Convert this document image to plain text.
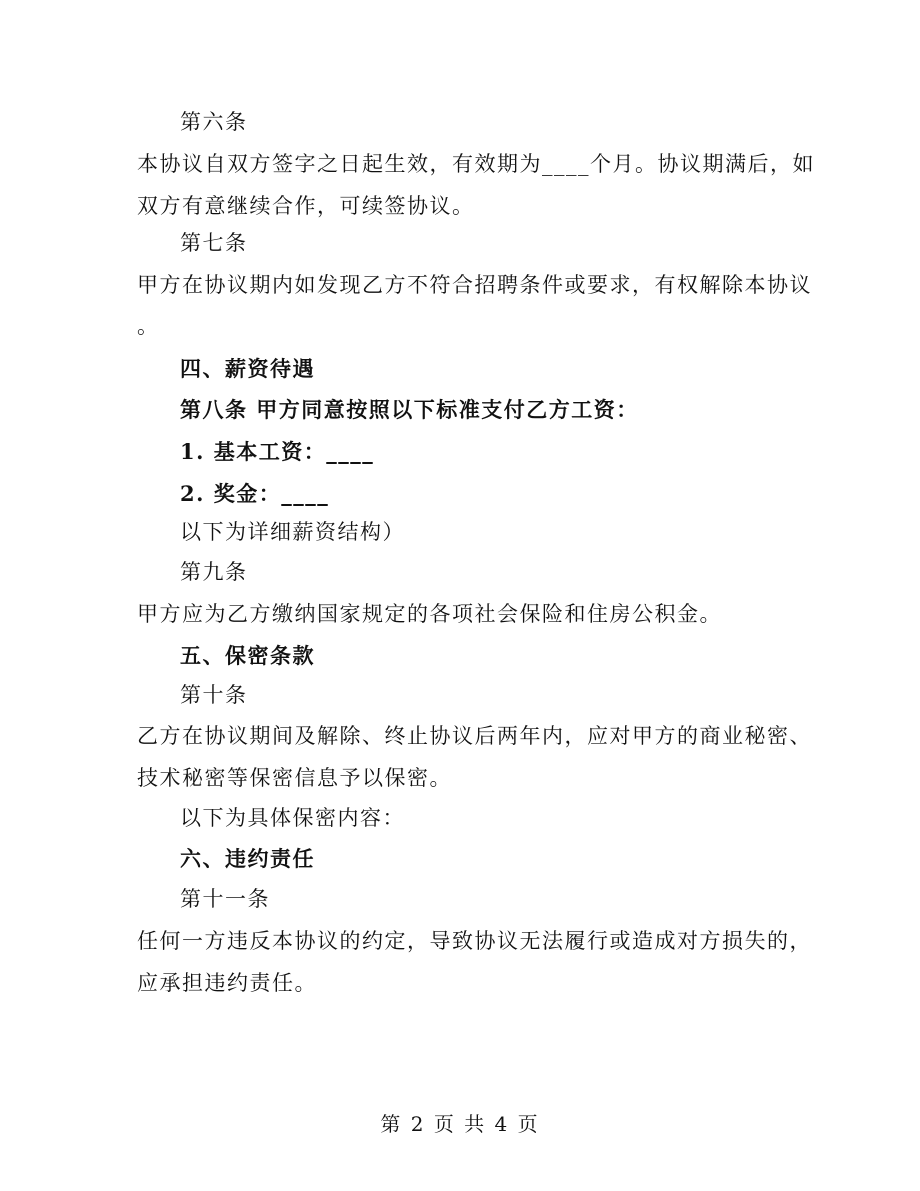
第六条
本协议自双方签字之日起生效，有效期为____个月。协议期满后，如
双方有意继续合作，可续签协议。
第七条
甲方在协议期内如发现乙方不符合招聘条件或要求，有权解除本协议
。
四、薪资待遇
第八条 甲方同意按照以下标准支付乙方工资：
1. 基本工资：____
2. 奖金：____
以下为详细薪资结构）
第九条
甲方应为乙方缴纳国家规定的各项社会保险和住房公积金。
五、保密条款
第十条
乙方在协议期间及解除、终止协议后两年内，应对甲方的商业秘密、
技术秘密等保密信息予以保密。
以下为具体保密内容：
六、违约责任
第十一条
任何一方违反本协议的约定，导致协议无法履行或造成对方损失的，
应承担违约责任。
第 2 页 共 4 页
